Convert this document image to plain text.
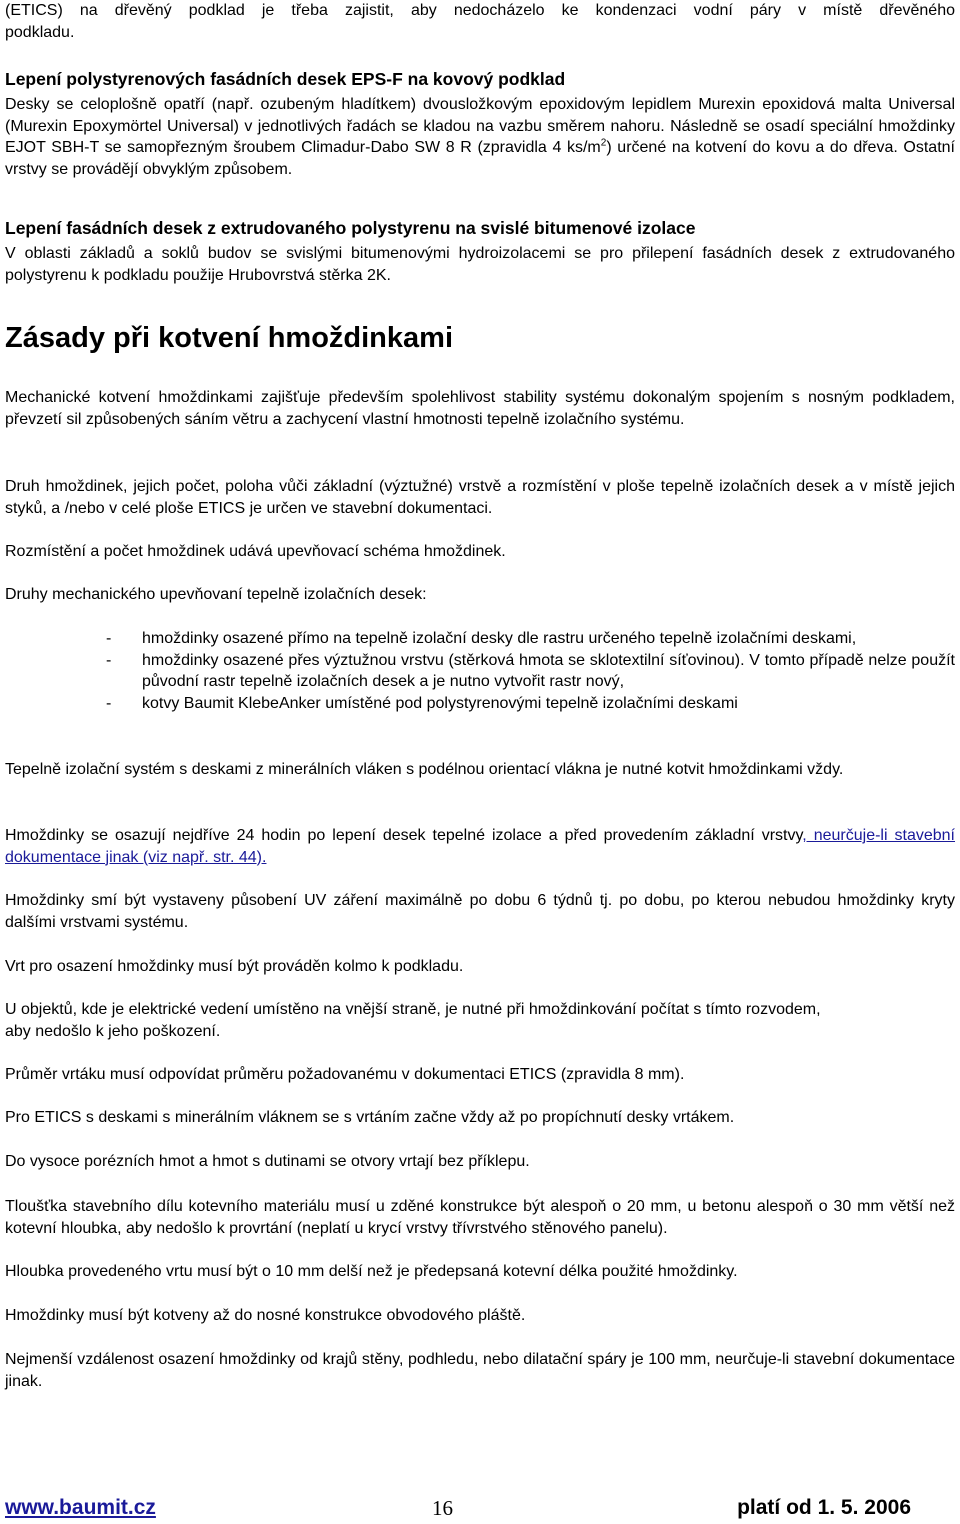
(ETICS) na dřevěný podklad je třeba zajistit, aby nedocházelo ke kondenzaci vodní páry v místě dřevěného

podkladu.

Lepení polystyrenových fasádních desek EPS-F na kovový podklad

Desky se celoplošně opatří (např. ozubeným hladítkem) dvousložkovým epoxidovým lepidlem Murexin epoxidová malta Universal (Murexin Epoxymörtel Universal) v jednotlivých řadách se kladou na vazbu směrem nahoru. Následně se osadí speciální hmoždinky EJOT SBH-T se samopřezným šroubem Climadur-Dabo SW 8 R (zpravidla 4 $ks/m^2$) určené na kotvení do kovu a do dřeva. Ostatní vrstvy se provádějí obvyklým způsobem.

Lepení fasádních desek z extrudovaného polystyrenu na svislé bitumenové izolace

V oblasti základů a soklů budov se svislými bitumenovými hydroizolacemi se pro přilepení fasádních desek z extrudovaného polystyrenu k podkladu použije Hrubovrstvá stěrka 2K.

Zásady při kotvení hmoždinkami

Mechanické kotvení hmoždinkami zajišťuje především spolehlivost stability systému dokonalým spojením s nosným podkladem, převzetí sil způsobených sáním větru a zachycení vlastní hmotnosti tepelně izolačního systému.

Druh hmoždinek, jejich počet, poloha vůči základní (výztužné) vrstvě a rozmístění v ploše tepelně izolačních desek a v místě jejich styků, a /nebo v celé ploše ETICS je určen ve stavební dokumentaci.

Rozmístění a počet hmoždinek udává upevňovací schéma hmoždinek.

Druhy mechanického upevňovaní tepelně izolačních desek:

- hmoždinky osazené přímo na tepelně izolační desky dle rastru určeného tepelně izolačními deskami,
- hmoždinky osazené přes výztužnou vrstvu (stěrková hmota se sklotextilní síťovinou). V tomto případě nelze použít původní rastr tepelně izolačních desek a je nutno vytvořit rastr nový,
- kotvy Baumit KlebeAnker umístěné pod polystyrenovými tepelně izolačními deskami

Tepelně izolační systém s deskami z minerálních vláken s podélnou orientací vlákna je nutné kotvit hmoždinkami vždy.

Hmoždinky se osazují nejdříve 24 hodin po lepení desek tepelné izolace a před provedením základní vrstvy, neurčuje-li stavební dokumentace jinak (viz např. str. 44).

Hmoždinky smí být vystaveny působení UV záření maximálně po dobu 6 týdnů tj. po dobu, po kterou nebudou hmoždinky kryty dalšími vrstvami systému.

Vrt pro osazení hmoždinky musí být prováděn kolmo k podkladu.

U objektů, kde je elektrické vedení umístěno na vnější straně, je nutné při hmoždinkování počítat s tímto rozvodem, aby nedošlo k jeho poškození.

Průměr vrtáku musí odpovídat průměru požadovanému v dokumentaci ETICS (zpravidla 8 mm).

Pro ETICS s deskami s minerálním vláknem se s vrtáním začne vždy až po propíchnutí desky vrtákem.

Do vysoce porézních hmot a hmot s dutinami se otvory vrtají bez příklepu.

Tloušťka stavebního dílu kotevního materiálu musí u zděné konstrukce být alespoň o 20 mm, u betonu alespoň o 30 mm větší než kotevní hloubka, aby nedošlo k provrtání (neplatí u krycí vrstvy třívrstvého stěnového panelu).

Hloubka provedeného vrtu musí být o 10 mm delší než je předepsaná kotevní délka použité hmoždinky.

Hmoždinky musí být kotveny až do nosné konstrukce obvodového pláště.

Nejmenší vzdálenost osazení hmoždinky od krajů stěny, podhledu, nebo dilatační spáry je 100 mm, neurčuje-li stavební dokumentace jinak.

www.baumit.cz	16	platí od 1. 5. 2006
